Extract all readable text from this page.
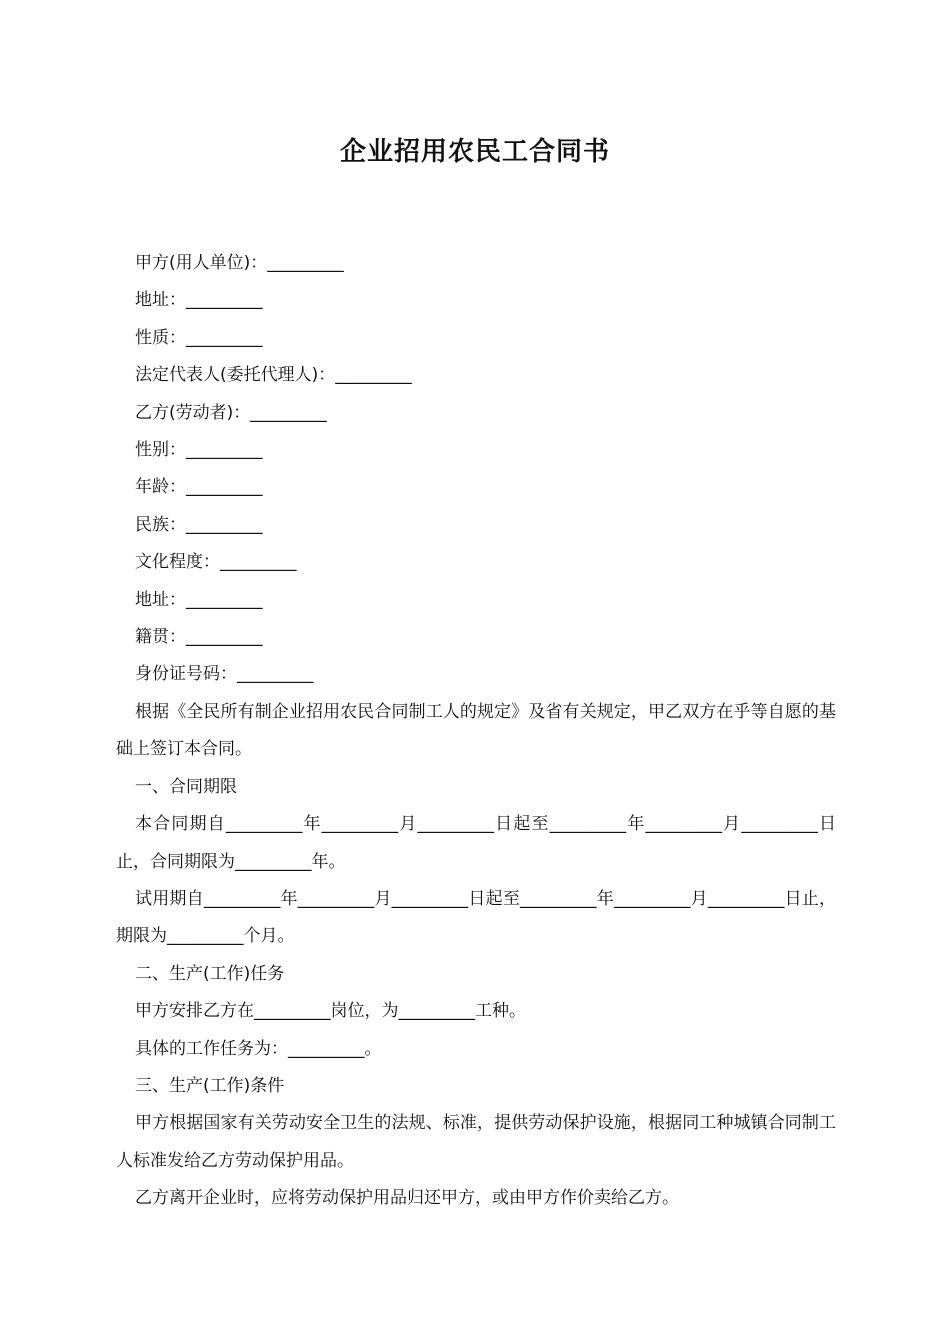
企业招用农民工合同书

甲方(用人单位)：_________

地址：_________

性质：_________

法定代表人(委托代理人)：_________

乙方(劳动者)：_________

性别：_________

年龄：_________

民族：_________

文化程度：_________

地址：_________

籍贯：_________

身份证号码：_________

根据《全民所有制企业招用农民合同制工人的规定》及省有关规定，甲乙双方在乎等自愿的基础上签订本合同。

一、合同期限

本合同期自_________年_________月_________日起至_________年_________月_________日止，合同期限为_________年。

试用期自_________年_________月_________日起至_________年_________月_________日止，期限为_________个月。

二、生产(工作)任务

甲方安排乙方在_________岗位，为_________工种。

具体的工作任务为：_________。

三、生产(工作)条件

甲方根据国家有关劳动安全卫生的法规、标准，提供劳动保护设施，根据同工种城镇合同制工人标准发给乙方劳动保护用品。

乙方离开企业时，应将劳动保护用品归还甲方，或由甲方作价卖给乙方。
